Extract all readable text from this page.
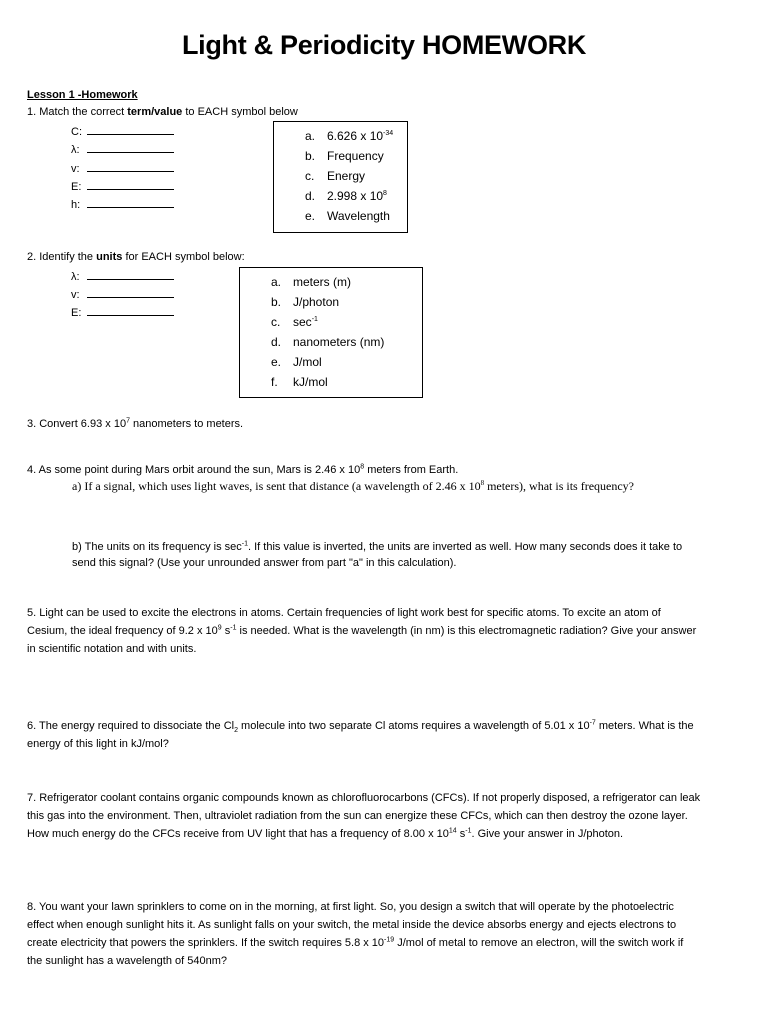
Light & Periodicity HOMEWORK
Lesson 1 -Homework
1. Match the correct term/value to EACH symbol below
C:
λ:
v:
E:
h:
a. 6.626 x $10^{-34}$
b. Frequency
c. Energy
d. 2.998 x $10^8$
e. Wavelength
2. Identify the units for EACH symbol below:
λ:
v:
E:
a. meters (m)
b. J/photon
c. $\sec^{-1}$
d. nanometers (nm)
e. J/mol
f. kJ/mol
3. Convert 6.93 x $10^7$ nanometers to meters.
4. As some point during Mars orbit around the sun, Mars is 2.46 x $10^8$ meters from Earth.
a) If a signal, which uses light waves, is sent that distance (a wavelength of 2.46 x $10^8$ meters), what is its frequency?
b) The units on its frequency is $\sec^{-1}$. If this value is inverted, the units are inverted as well. How many seconds does it take to
send this signal? (Use your unrounded answer from part "a" in this calculation).
5. Light can be used to excite the electrons in atoms. Certain frequencies of light work best for specific atoms. To excite an atom of
Cesium, the ideal frequency of 9.2 x $10^9$ $s^{-1}$ is needed. What is the wavelength (in nm) is this electromagnetic radiation? Give your answer
in scientific notation and with units.
6. The energy required to dissociate the $Cl_2$ molecule into two separate Cl atoms requires a wavelength of 5.01 x $10^{-7}$ meters. What is the
energy of this light in kJ/mol?
7. Refrigerator coolant contains organic compounds known as chlorofluorocarbons (CFCs). If not properly disposed, a refrigerator can leak
this gas into the environment. Then, ultraviolet radiation from the sun can energize these CFCs, which can then destroy the ozone layer.
How much energy do the CFCs receive from UV light that has a frequency of 8.00 x $10^{14}$ $s^{-1}$. Give your answer in J/photon.
8. You want your lawn sprinklers to come on in the morning, at first light. So, you design a switch that will operate by the photoelectric
effect when enough sunlight hits it. As sunlight falls on your switch, the metal inside the device absorbs energy and ejects electrons to
create electricity that powers the sprinklers. If the switch requires 5.8 x $10^{-19}$ J/mol of metal to remove an electron, will the switch work if
the sunlight has a wavelength of 540nm?
